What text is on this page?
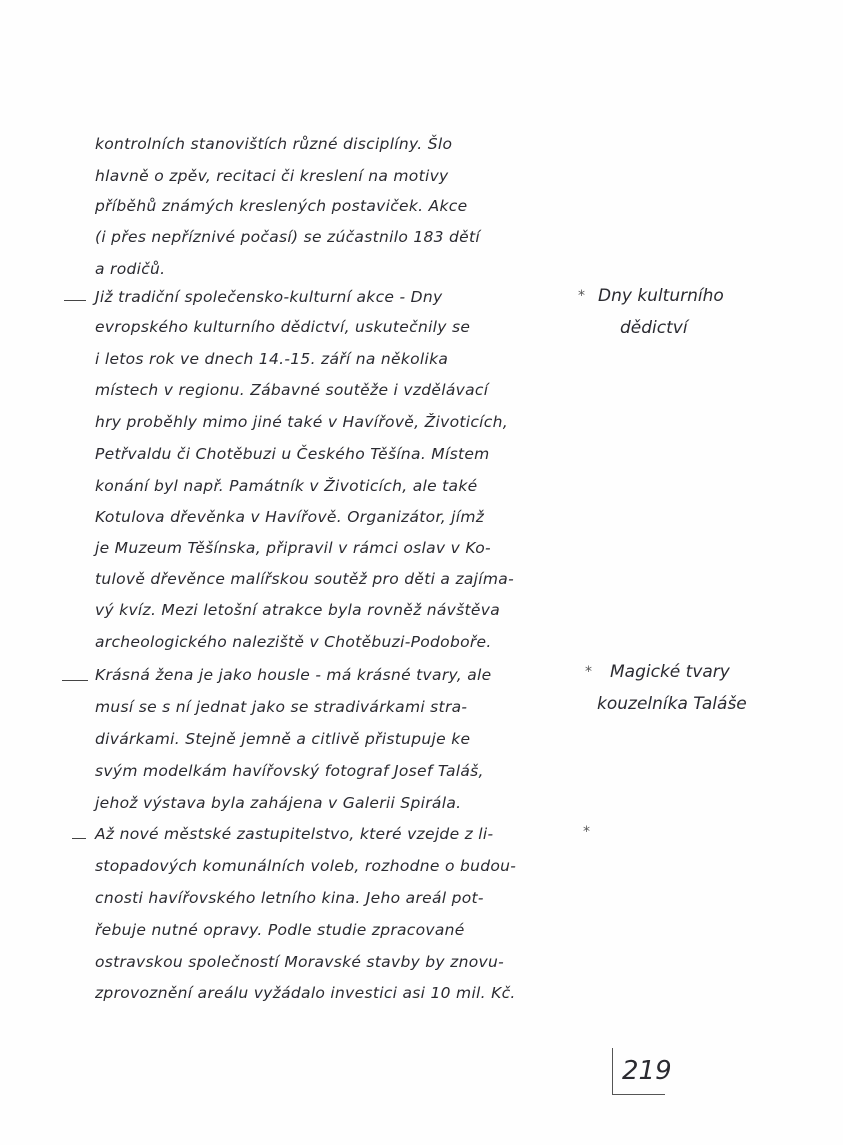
kontrolních stanovištích různé disciplíny. Šlo
hlavně o zpěv, recitaci či kreslení na motivy
příběhů známých kreslených postaviček. Akce
(i přes nepříznivé počasí) se zúčastnilo 183 dětí
a rodičů.
Již tradiční společensko-kulturní akce - Dny
evropského kulturního dědictví, uskutečnily se
i letos rok ve dnech 14.-15. září na několika
místech v regionu. Zábavné soutěže i vzdělávací
hry proběhly mimo jiné také v Havířově, Životicích,
Petřvaldu či Chotěbuzi u Českého Těšína. Místem
konání byl např. Památník v Životicích, ale také
Kotulova dřevěnka v Havířově. Organizátor, jímž
je Muzeum Těšínska, připravil v rámci oslav v Ko-
tulově dřevěnce malířskou soutěž pro děti a zajíma-
vý kvíz. Mezi letošní atrakce byla rovněž návštěva
archeologického naleziště v Chotěbuzi-Podoboře.
Krásná žena je jako housle - má krásné tvary, ale
musí se s ní jednat jako se stradivárkami stra-
divárkami. Stejně jemně a citlivě přistupuje ke
svým modelkám havířovský fotograf Josef Taláš,
jehož výstava byla zahájena v Galerii Spirála.
Až nové městské zastupitelstvo, které vzejde z li-
stopadových komunálních voleb, rozhodne o budou-
cnosti havířovského letního kina. Jeho areál pot-
řebuje nutné opravy. Podle studie zpracované
ostravskou společností Moravské stavby by znovu-
zprovoznění areálu vyžádalo investici asi 10 mil. Kč.
* Dny kulturního
dědictví
* Magické tvary
kouzelníka Taláše
*
219
